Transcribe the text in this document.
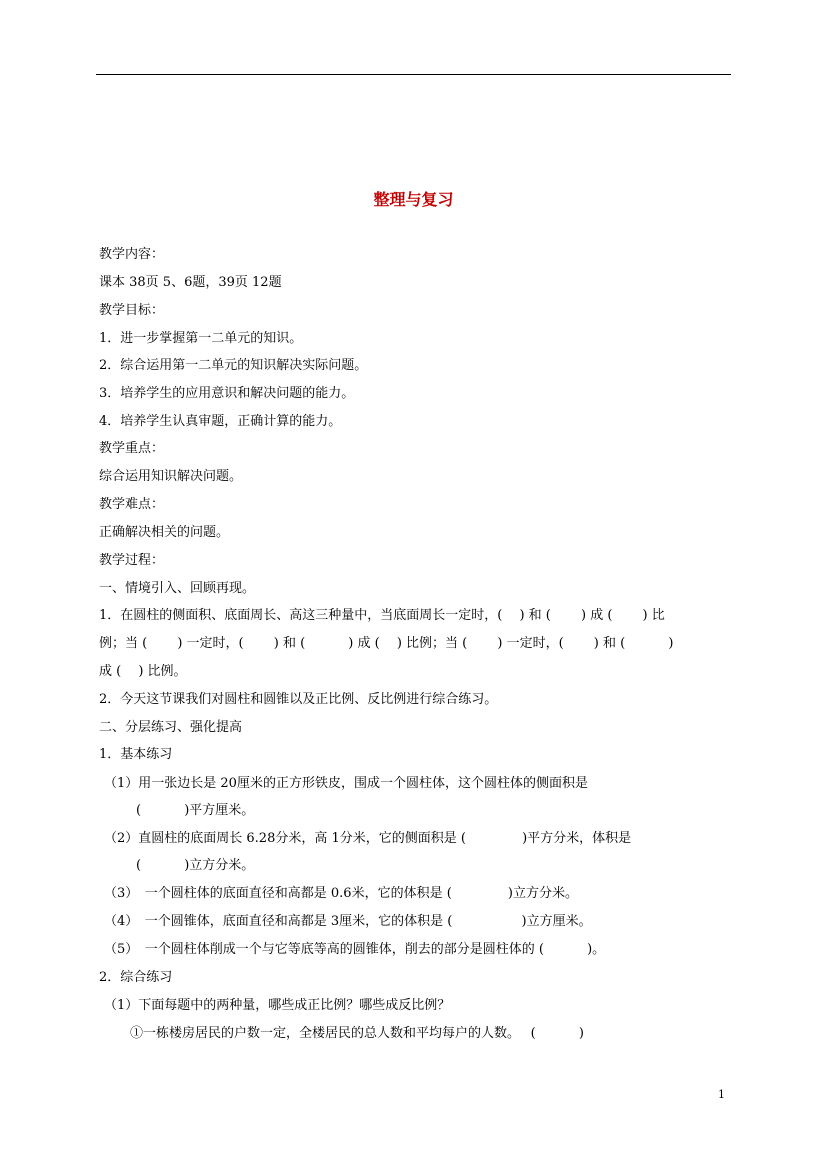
整理与复习
教学内容：
课本 38页 5、6题，39页 12题
教学目标：
1．进一步掌握第一二单元的知识。
2．综合运用第一二单元的知识解决实际问题。
3．培养学生的应用意识和解决问题的能力。
4．培养学生认真审题，正确计算的能力。
教学重点：
综合运用知识解决问题。
教学难点：
正确解决相关的问题。
教学过程：
一、情境引入、回顾再现。
1．在圆柱的侧面积、底面周长、高这三种量中，当底面周长一定时，(　 ) 和 (　　 ) 成 (　　 ) 比
例；当 (　　 ) 一定时，(　　 ) 和 (　　　 ) 成 (　 ) 比例；当 (　　 ) 一定时，(　　 ) 和 (　　　 )
成 (　 ) 比例。
2．今天这节课我们对圆柱和圆锥以及正比例、反比例进行综合练习。
二、分层练习、强化提高
1．基本练习
（1）用一张边长是 20厘米的正方形铁皮，围成一个圆柱体，这个圆柱体的侧面积是
(　　　 )平方厘米。
（2）直圆柱的底面周长 6.28分米，高 1分米，它的侧面积是 (　　　　 )平方分米，体积是
(　　　 )立方分米。
（3）　一个圆柱体的底面直径和高都是 0.6米，它的体积是 (　　　　 )立方分米。
（4）　一个圆锥体，底面直径和高都是 3厘米，它的体积是 (　　　　　 )立方厘米。
（5）　一个圆柱体削成一个与它等底等高的圆锥体，削去的部分是圆柱体的 (　　　 )。
2．综合练习
（1）下面每题中的两种量，哪些成正比例？哪些成反比例？
①一栋楼房居民的户数一定，全楼居民的总人数和平均每户的人数。　 (　　　 )
1
